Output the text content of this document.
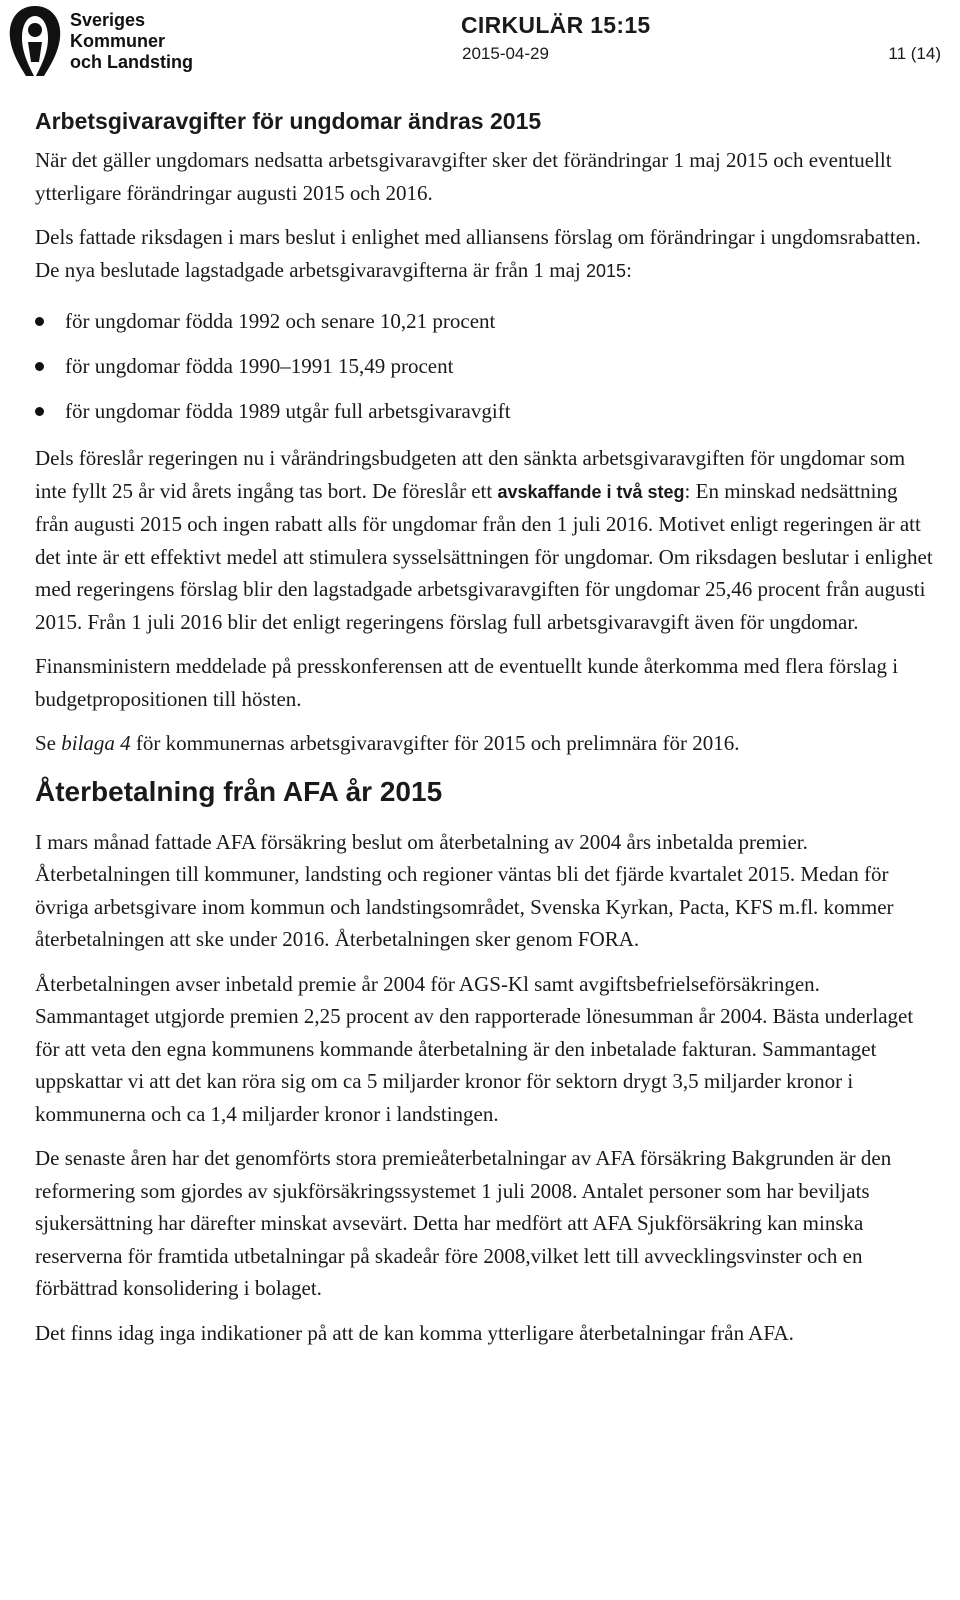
Sveriges
Kommuner
och Landsting
CIRKULÄR 15:15
2015-04-29	11 (14)
Arbetsgivaravgifter för ungdomar ändras 2015

När det gäller ungdomars nedsatta arbetsgivaravgifter sker det förändringar 1 maj 2015 och eventuellt ytterligare förändringar augusti 2015 och 2016.

Dels fattade riksdagen i mars beslut i enlighet med alliansens förslag om förändringar i ungdomsrabatten. De nya beslutade lagstadgade arbetsgivaravgifterna är från 1 maj 2015:

för ungdomar födda 1992 och senare 10,21 procent
för ungdomar födda 1990–1991 15,49 procent
för ungdomar födda 1989 utgår full arbetsgivaravgift

Dels föreslår regeringen nu i vårändringsbudgeten att den sänkta arbetsgivaravgiften för ungdomar som inte fyllt 25 år vid årets ingång tas bort. De föreslår ett avskaffande i två steg: En minskad nedsättning från augusti 2015 och ingen rabatt alls för ungdomar från den 1 juli 2016. Motivet enligt regeringen är att det inte är ett effektivt medel att stimulera sysselsättningen för ungdomar. Om riksdagen beslutar i enlighet med regeringens förslag blir den lagstadgade arbetsgivaravgiften för ungdomar 25,46 procent från augusti 2015. Från 1 juli 2016 blir det enligt regeringens förslag full arbetsgivaravgift även för ungdomar.

Finansministern meddelade på presskonferensen att de eventuellt kunde återkomma med flera förslag i budgetpropositionen till hösten.

Se bilaga 4 för kommunernas arbetsgivaravgifter för 2015 och prelimnära för 2016.

Återbetalning från AFA år 2015

I mars månad fattade AFA försäkring beslut om återbetalning av 2004 års inbetalda premier. Återbetalningen till kommuner, landsting och regioner väntas bli det fjärde kvartalet 2015. Medan för övriga arbetsgivare inom kommun och landstingsområdet, Svenska Kyrkan, Pacta, KFS m.fl. kommer återbetalningen att ske under 2016. Återbetalningen sker genom FORA.

Återbetalningen avser inbetald premie år 2004 för AGS-Kl samt avgiftsbefrielseförsäkringen. Sammantaget utgjorde premien 2,25 procent av den rapporterade lönesumman år 2004. Bästa underlaget för att veta den egna kommunens kommande återbetalning är den inbetalade fakturan. Sammantaget uppskattar vi att det kan röra sig om ca 5 miljarder kronor för sektorn drygt 3,5 miljarder kronor i kommunerna och ca 1,4 miljarder kronor i landstingen.

De senaste åren har det genomförts stora premieåterbetalningar av AFA försäkring Bakgrunden är den reformering som gjordes av sjukförsäkringssystemet 1 juli 2008. Antalet personer som har beviljats sjukersättning har därefter minskat avsevärt. Detta har medfört att AFA Sjukförsäkring kan minska reserverna för framtida utbetalningar på skadeår före 2008,vilket lett till avvecklingsvinster och en förbättrad konsolidering i bolaget.

Det finns idag inga indikationer på att de kan komma ytterligare återbetalningar från AFA.
